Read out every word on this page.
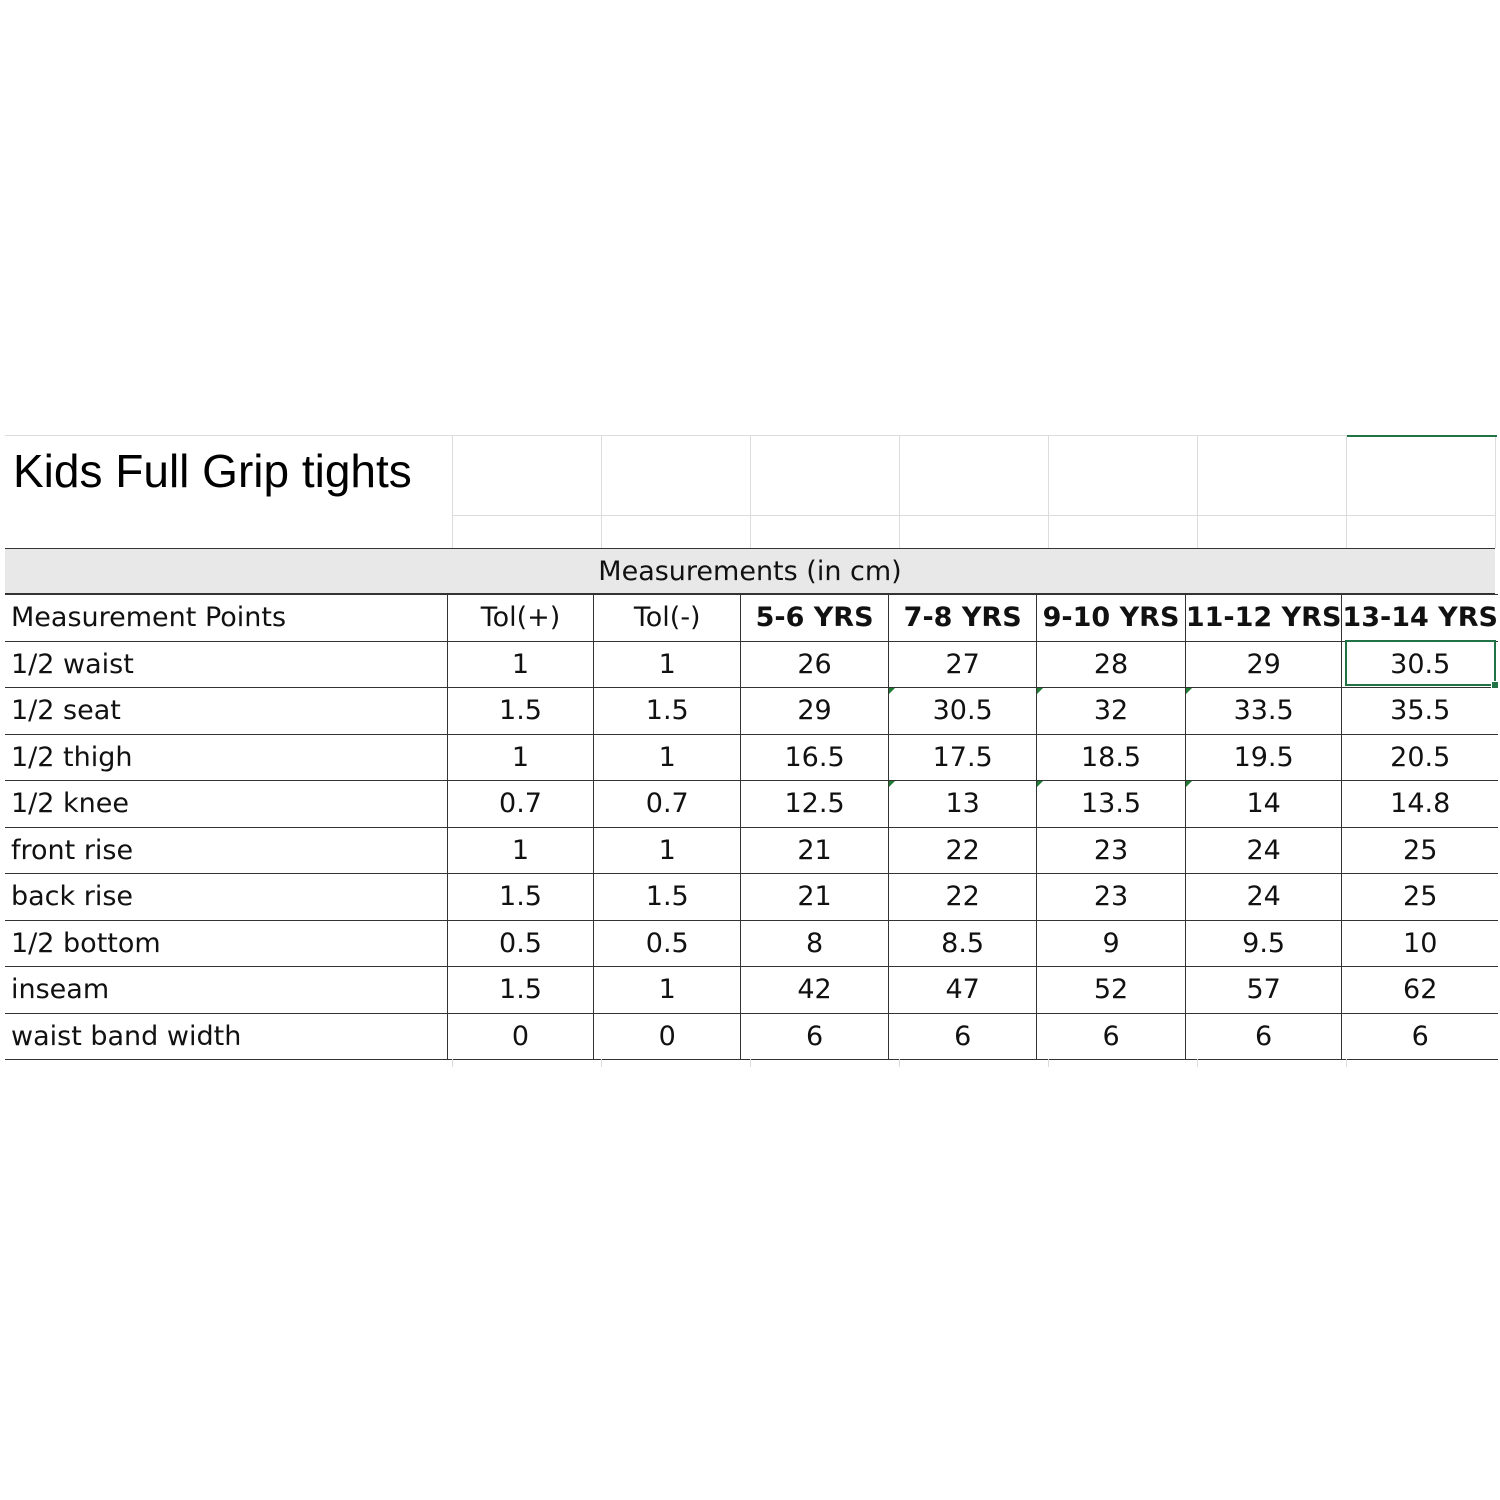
Kids Full Grip tights
Measurements (in cm)
Measurement Points	Tol(+)	Tol(-)	5-6 YRS	7-8 YRS	9-10 YRS	11-12 YRS	13-14 YRS
1/2 waist	1	1	26	27	28	29	30.5
1/2 seat	1.5	1.5	29	30.5	32	33.5	35.5
1/2 thigh	1	1	16.5	17.5	18.5	19.5	20.5
1/2 knee	0.7	0.7	12.5	13	13.5	14	14.8
front rise	1	1	21	22	23	24	25
back rise	1.5	1.5	21	22	23	24	25
1/2 bottom	0.5	0.5	8	8.5	9	9.5	10
inseam	1.5	1	42	47	52	57	62
waist band width	0	0	6	6	6	6	6
